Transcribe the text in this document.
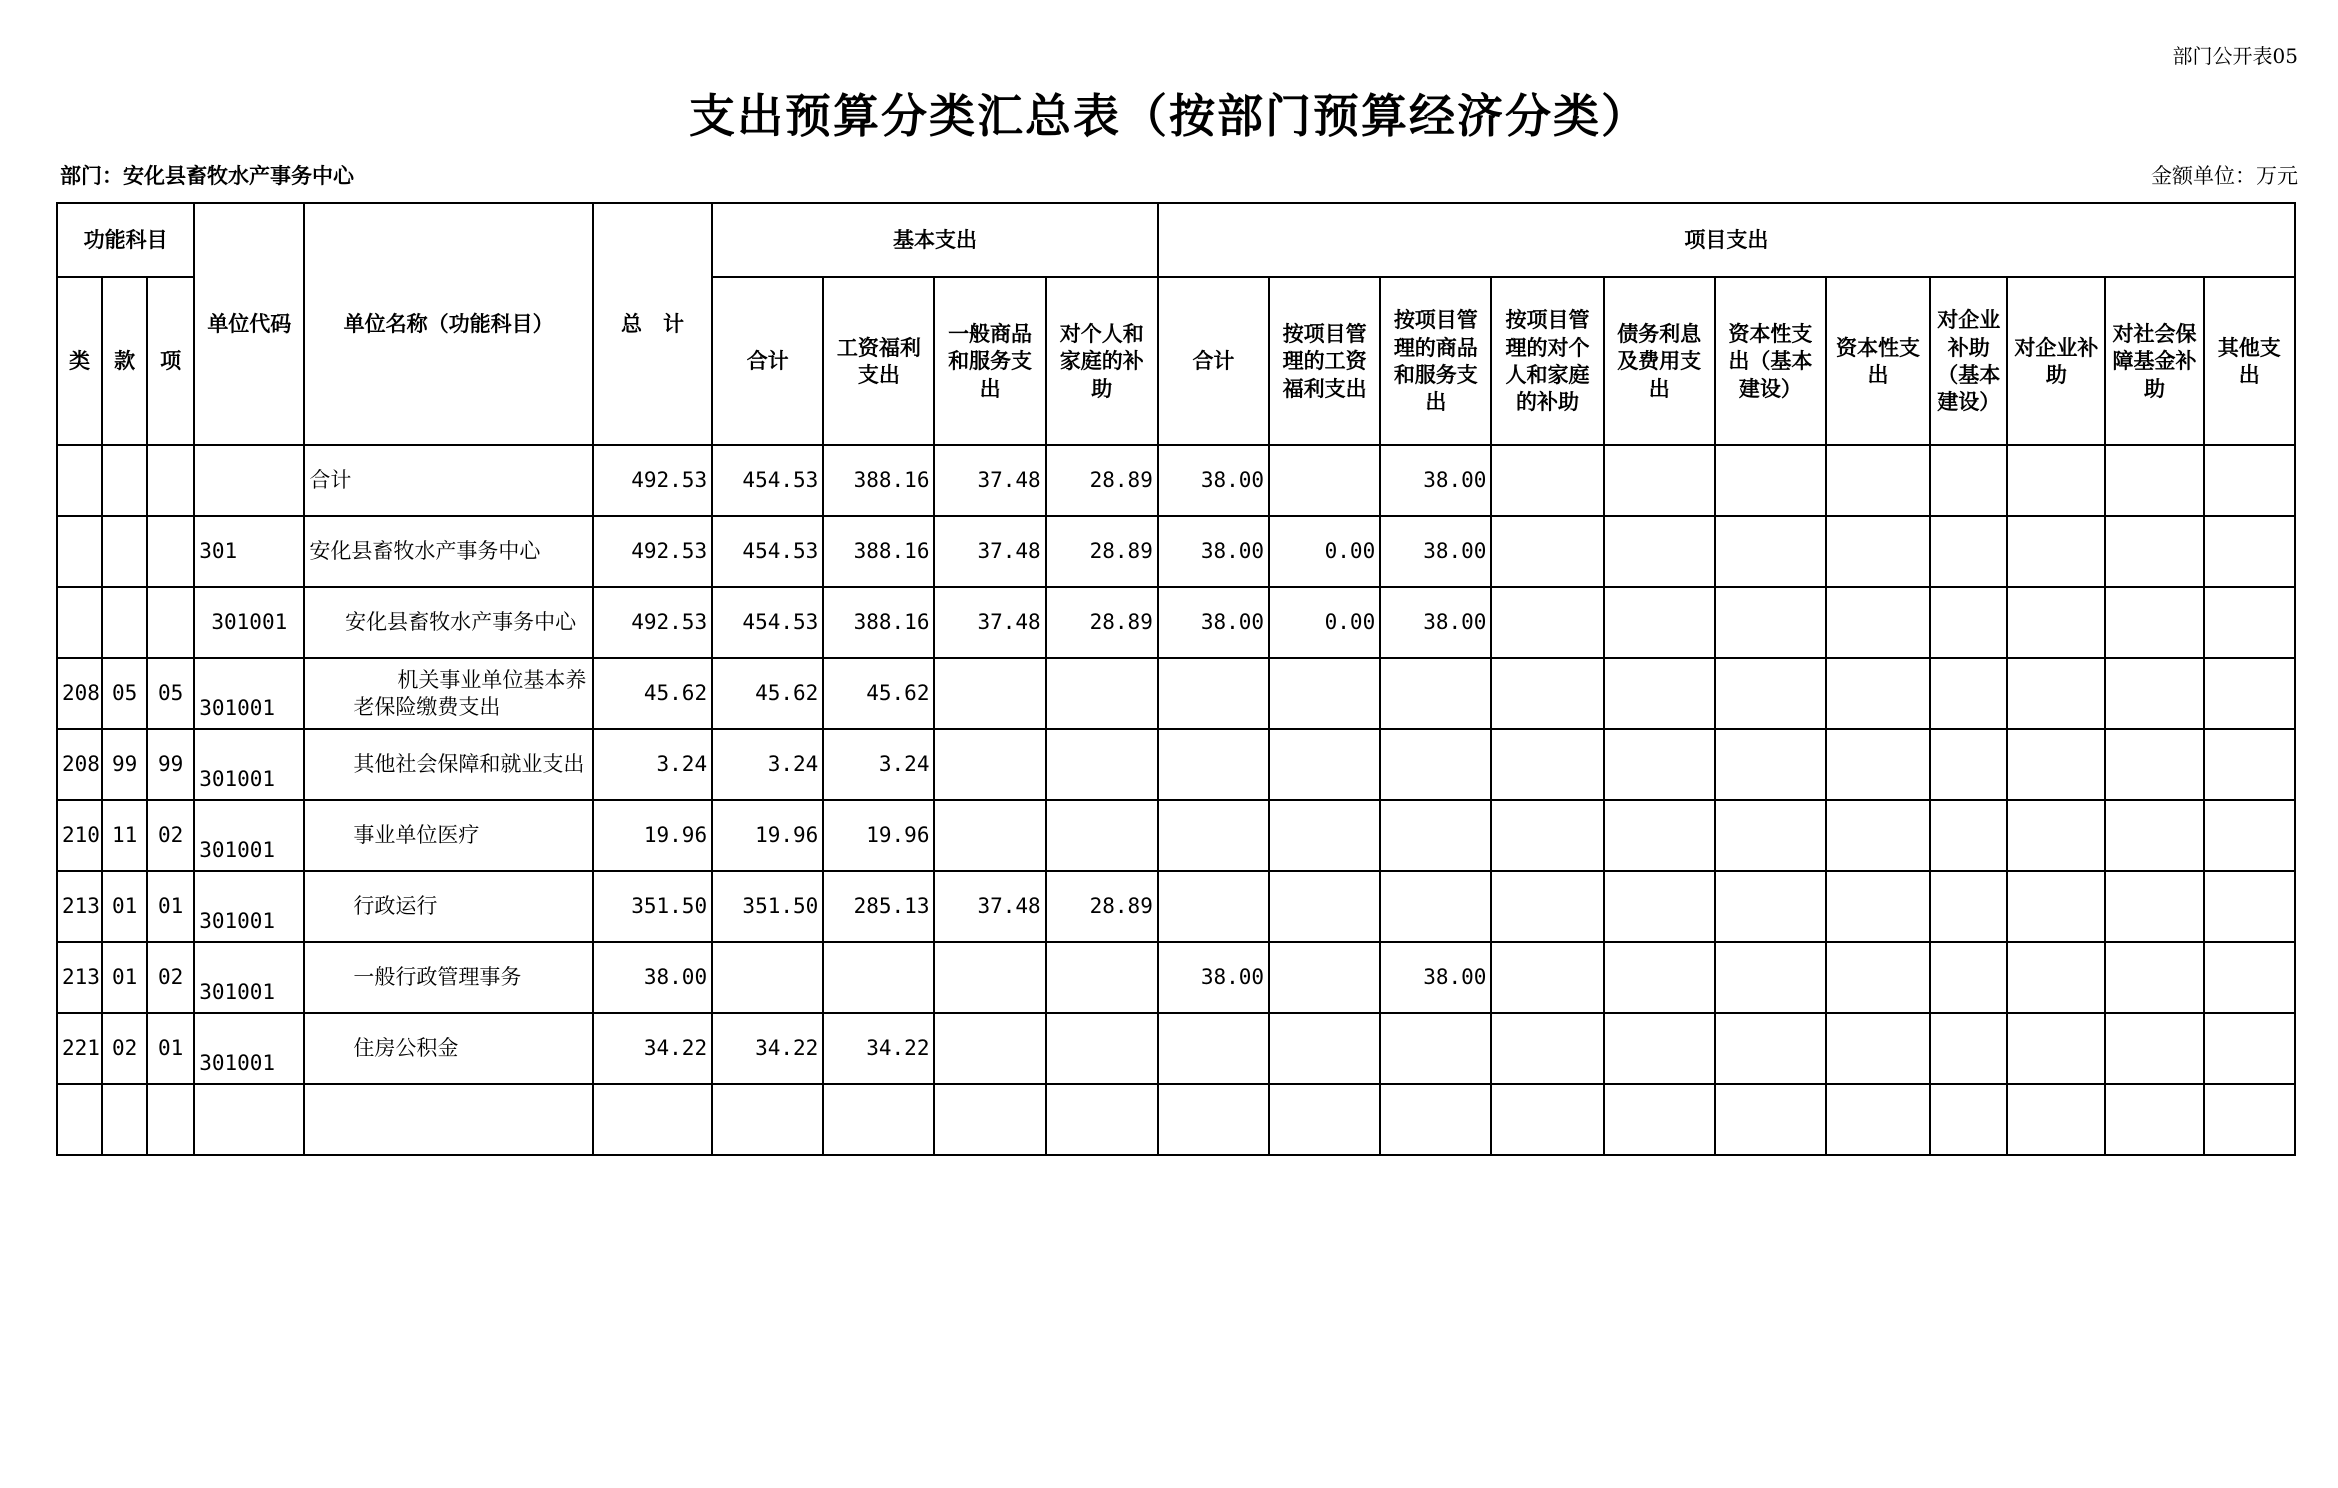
部门公开表05
支出预算分类汇总表（按部门预算经济分类）
部门：安化县畜牧水产事务中心	金额单位：万元
功能科目			单位代码	单位名称（功能科目）	总　计	基本支出				项目支出										
类	款	项				合计	工资福利支出	一般商品和服务支出	对个人和家庭的补助	合计	按项目管理的工资福利支出	按项目管理的商品和服务支出	按项目管理的对个人和家庭的补助	债务利息及费用支出	资本性支出（基本建设）	资本性支出	对企业补助（基本建设）	对企业补助	对社会保障基金补助	其他支出
				合计	492.53	454.53	388.16	37.48	28.89	38.00		38.00								
			301	安化县畜牧水产事务中心	492.53	454.53	388.16	37.48	28.89	38.00	0.00	38.00								
			301001	安化县畜牧水产事务中心	492.53	454.53	388.16	37.48	28.89	38.00	0.00	38.00								
208	05	05	301001	机关事业单位基本养老保险缴费支出	45.62	45.62	45.62													
208	99	99	301001	其他社会保障和就业支出	3.24	3.24	3.24													
210	11	02	301001	事业单位医疗	19.96	19.96	19.96													
213	01	01	301001	行政运行	351.50	351.50	285.13	37.48	28.89											
213	01	02	301001	一般行政管理事务	38.00					38.00		38.00								
221	02	01	301001	住房公积金	34.22	34.22	34.22													
